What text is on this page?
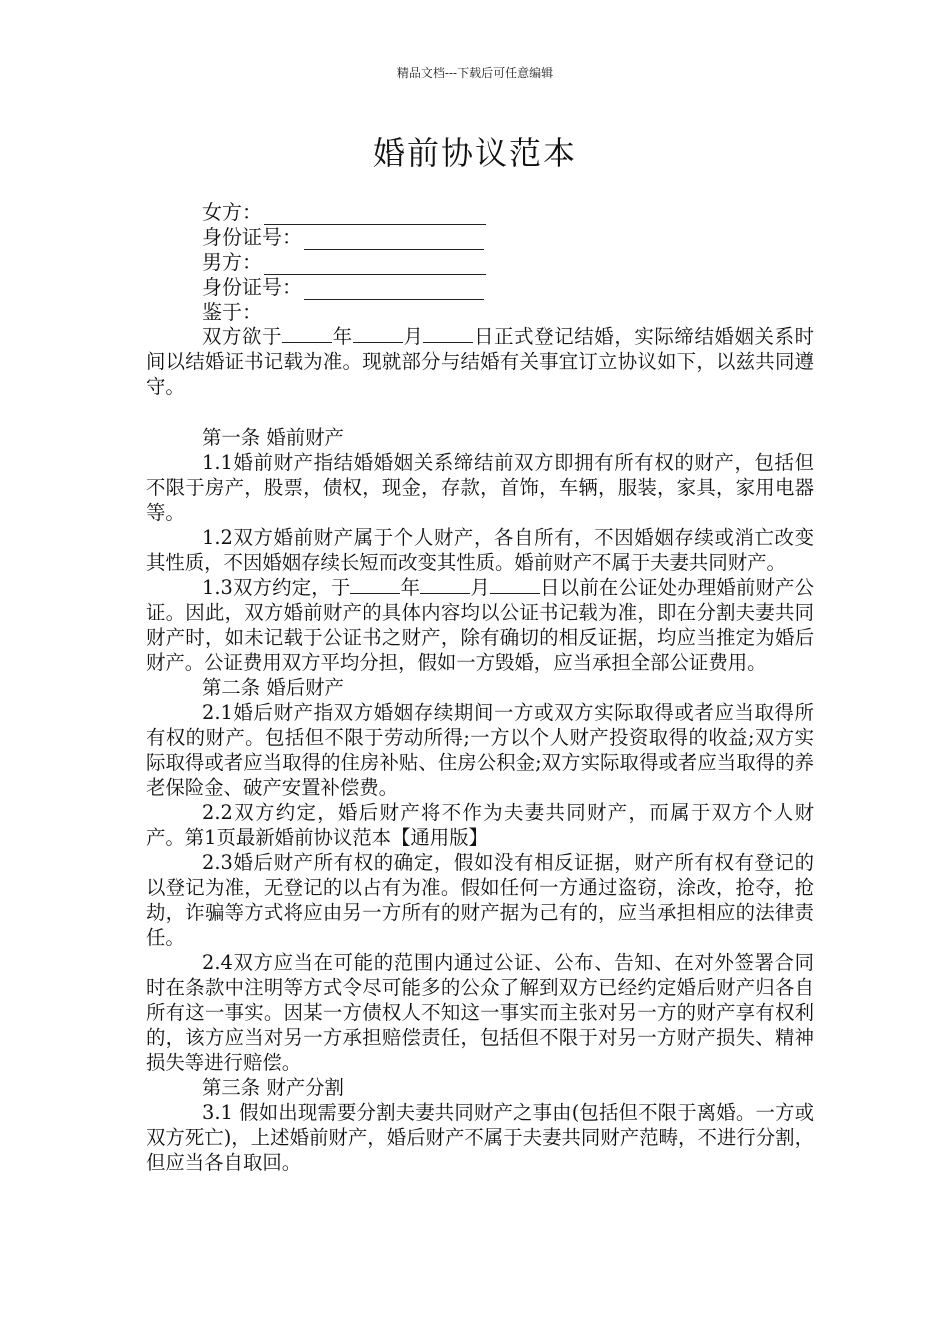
精品文档---下载后可任意编辑
婚前协议范本
女方：
身份证号：
男方：
身份证号：
鉴于：

双方欲于	年	月	日正式登记结婚，实际缔结婚姻关系时间以结婚证书记载为准。现就部分与结婚有关事宜订立协议如下，以兹共同遵守。

第一条 婚前财产

1.1婚前财产指结婚婚姻关系缔结前双方即拥有所有权的财产，包括但不限于房产，股票，债权，现金，存款，首饰，车辆，服装，家具，家用电器等。

1.2双方婚前财产属于个人财产，各自所有，不因婚姻存续或消亡改变其性质，不因婚姻存续长短而改变其性质。婚前财产不属于夫妻共同财产。

1.3双方约定，于	年	月	日以前在公证处办理婚前财产公证。因此，双方婚前财产的具体内容均以公证书记载为准，即在分割夫妻共同财产时，如未记载于公证书之财产，除有确切的相反证据，均应当推定为婚后财产。公证费用双方平均分担，假如一方毁婚，应当承担全部公证费用。

第二条 婚后财产

2.1婚后财产指双方婚姻存续期间一方或双方实际取得或者应当取得所有权的财产。包括但不限于劳动所得;一方以个人财产投资取得的收益;双方实际取得或者应当取得的住房补贴、住房公积金;双方实际取得或者应当取得的养老保险金、破产安置补偿费。

2.2双方约定，婚后财产将不作为夫妻共同财产，而属于双方个人财产。第1页最新婚前协议范本【通用版】

2.3婚后财产所有权的确定，假如没有相反证据，财产所有权有登记的以登记为准，无登记的以占有为准。假如任何一方通过盗窃，涂改，抢夺，抢劫，诈骗等方式将应由另一方所有的财产据为己有的，应当承担相应的法律责任。

2.4双方应当在可能的范围内通过公证、公布、告知、在对外签署合同时在条款中注明等方式令尽可能多的公众了解到双方已经约定婚后财产归各自所有这一事实。因某一方债权人不知这一事实而主张对另一方的财产享有权利的，该方应当对另一方承担赔偿责任，包括但不限于对另一方财产损失、精神损失等进行赔偿。

第三条 财产分割

3.1 假如出现需要分割夫妻共同财产之事由(包括但不限于离婚。一方或双方死亡)，上述婚前财产，婚后财产不属于夫妻共同财产范畴，不进行分割，但应当各自取回。
